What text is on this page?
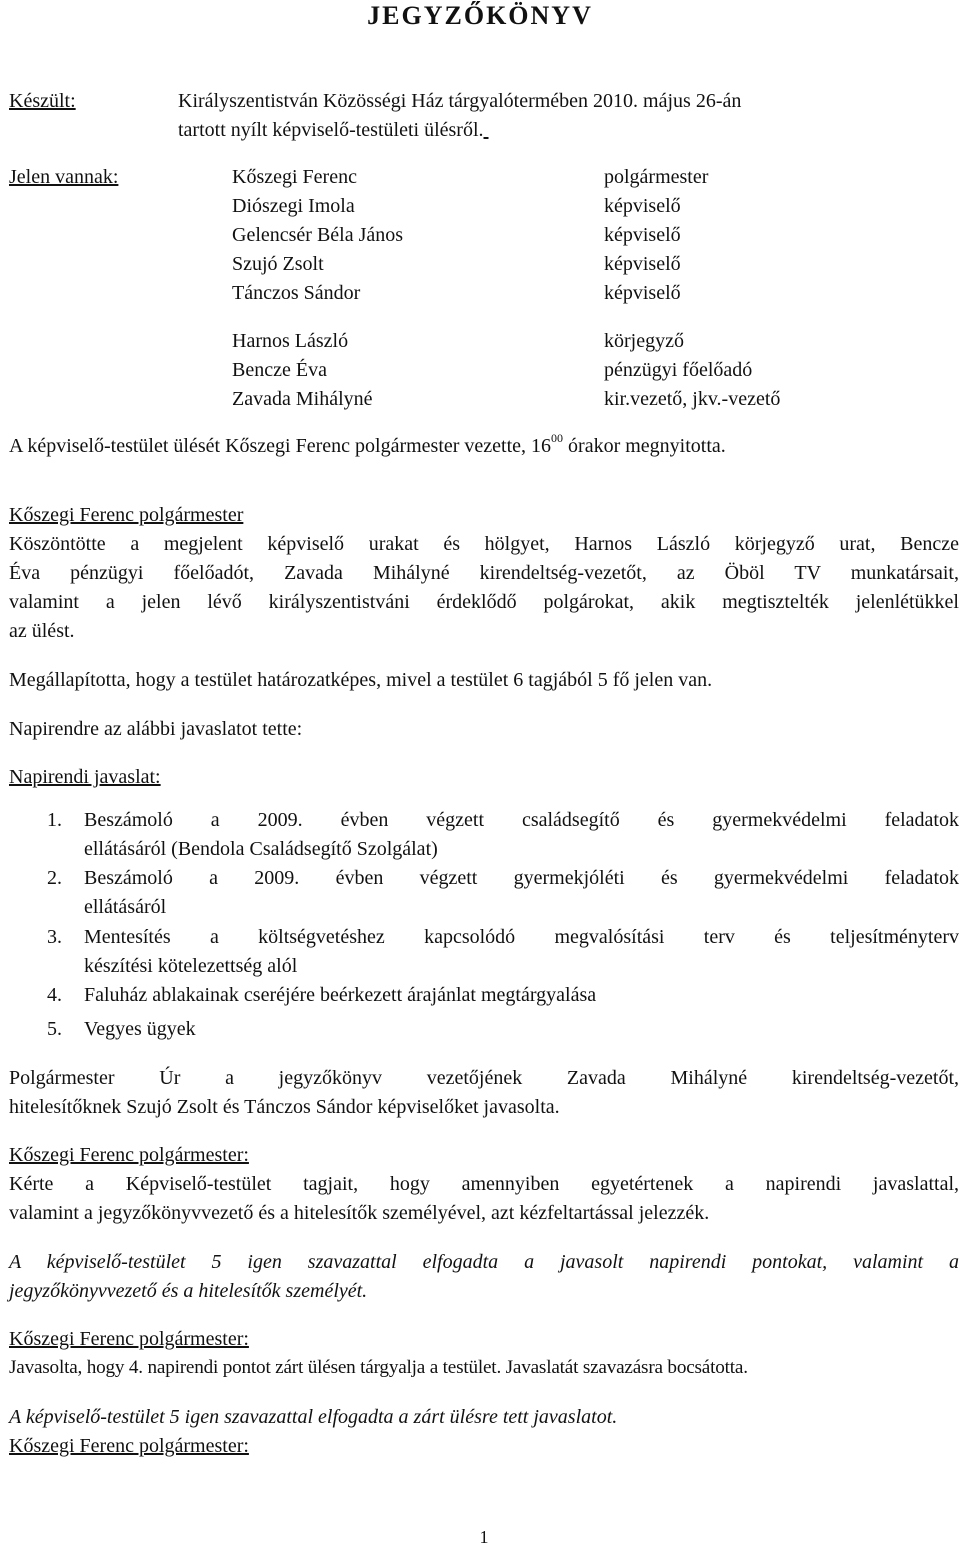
JEGYZŐKÖNYV
Készült:	Királyszentistván Közösségi Ház tárgyalótermében 2010. május 26-án
tartott nyílt képviselő-testületi ülésről.
Jelen vannak:	Kőszegi Ferenc	polgármester
Diószegi Imola	képviselő
Gelencsér Béla János	képviselő
Szujó Zsolt	képviselő
Tánczos Sándor	képviselő
Harnos László	körjegyző
Bencze Éva	pénzügyi főelőadó
Zavada Mihályné	kir.vezető, jkv.-vezető
A képviselő-testület ülését Kőszegi Ferenc polgármester vezette, $16^{00}$ órakor megnyitotta.
Kőszegi Ferenc polgármester
Köszöntötte a megjelent képviselő urakat és hölgyet, Harnos László körjegyző urat, Bencze
Éva pénzügyi főelőadót, Zavada Mihályné kirendeltség-vezetőt, az Öböl TV munkatársait,
valamint a jelen lévő királyszentistváni érdeklődő polgárokat, akik megtisztelték jelenlétükkel
az ülést.
Megállapította, hogy a testület határozatképes, mivel a testület 6 tagjából 5 fő jelen van.
Napirendre az alábbi javaslatot tette:
Napirendi javaslat:
1. Beszámoló a 2009. évben végzett családsegítő és gyermekvédelmi feladatok
ellátásáról (Bendola Családsegítő Szolgálat)
2. Beszámoló a 2009. évben végzett gyermekjóléti és gyermekvédelmi feladatok
ellátásáról
3. Mentesítés a költségvetéshez kapcsolódó megvalósítási terv és teljesítményterv
készítési kötelezettség alól
4. Faluház ablakainak cseréjére beérkezett árajánlat megtárgyalása
5. Vegyes ügyek
Polgármester Úr a jegyzőkönyv vezetőjének Zavada Mihályné kirendeltség-vezetőt,
hitelesítőknek Szujó Zsolt és Tánczos Sándor képviselőket javasolta.
Kőszegi Ferenc polgármester:
Kérte a Képviselő-testület tagjait, hogy amennyiben egyetértenek a napirendi javaslattal,
valamint a jegyzőkönyvvezető és a hitelesítők személyével, azt kézfeltartással jelezzék.
A képviselő-testület 5 igen szavazattal elfogadta a javasolt napirendi pontokat, valamint a
jegyzőkönyvvezető és a hitelesítők személyét.
Kőszegi Ferenc polgármester:
Javasolta, hogy 4. napirendi pontot zárt ülésen tárgyalja a testület. Javaslatát szavazásra bocsátotta.
A képviselő-testület 5 igen szavazattal elfogadta a zárt ülésre tett javaslatot.
Kőszegi Ferenc polgármester:
1
